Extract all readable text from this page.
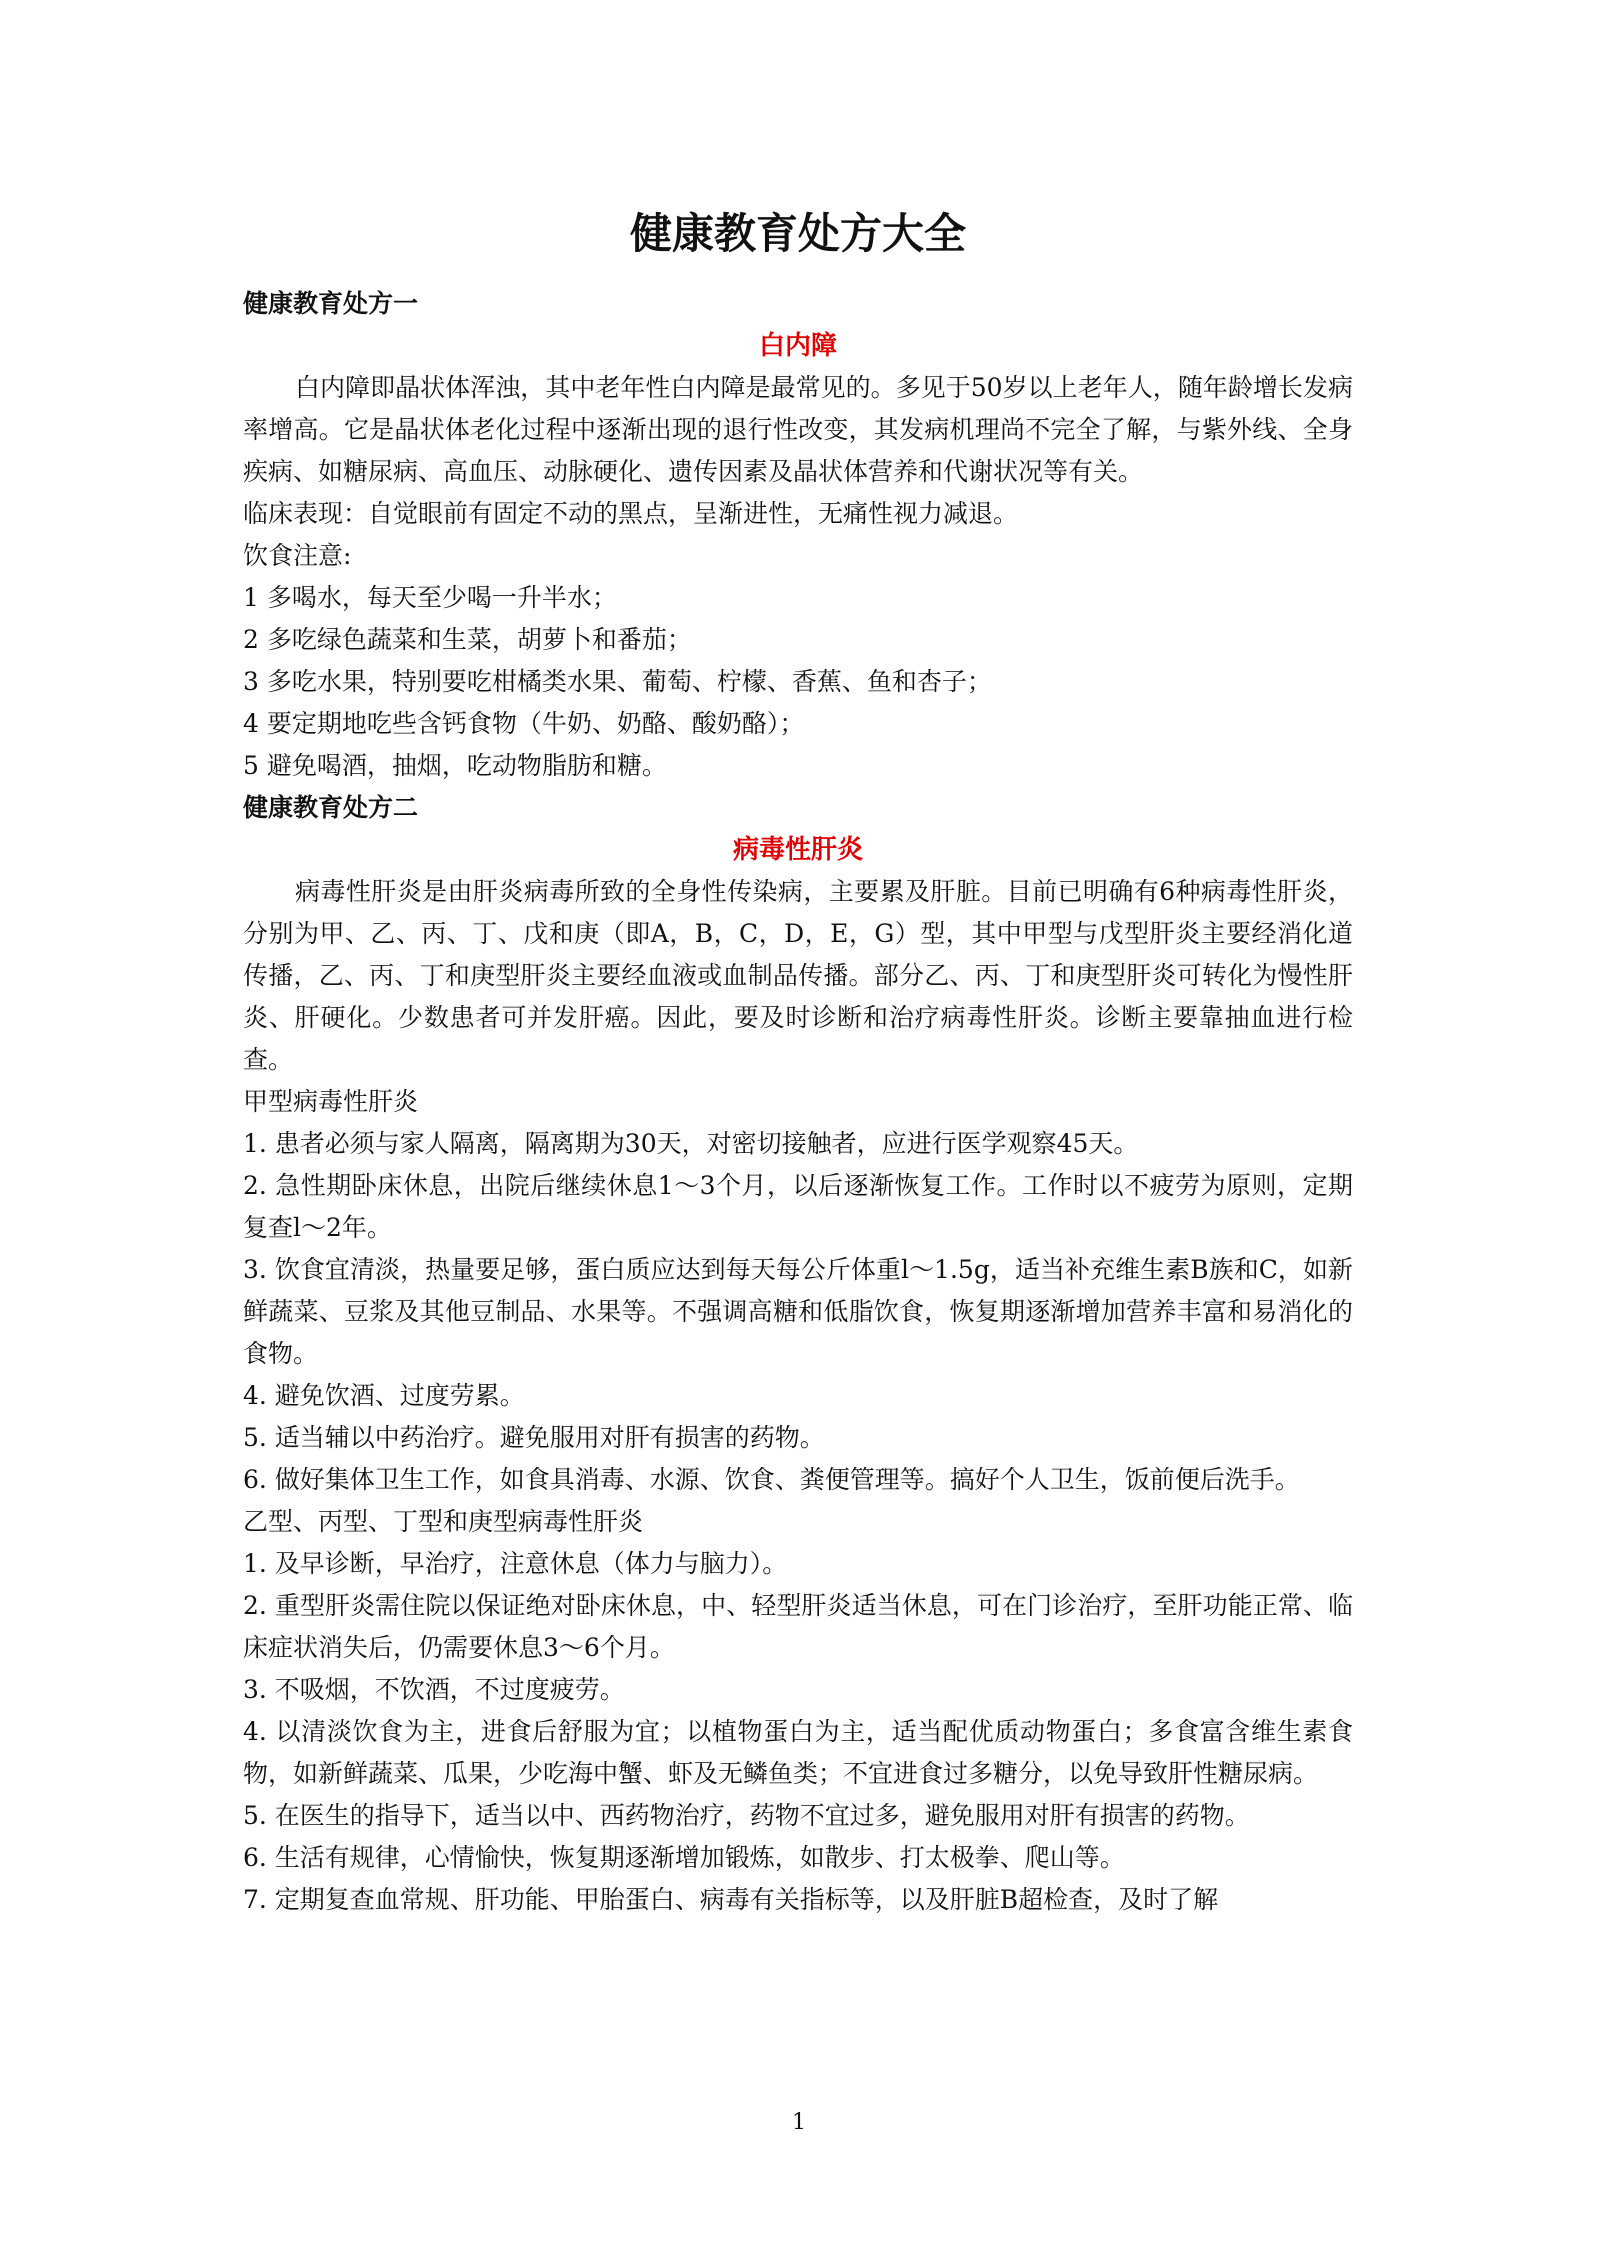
健康教育处方大全
健康教育处方一
白内障

白内障即晶状体浑浊，其中老年性白内障是最常见的。多见于50岁以上老年人，随年龄增长发病率增高。它是晶状体老化过程中逐渐出现的退行性改变，其发病机理尚不完全了解，与紫外线、全身疾病、如糖尿病、高血压、动脉硬化、遗传因素及晶状体营养和代谢状况等有关。

临床表现：自觉眼前有固定不动的黑点，呈渐进性，无痛性视力减退。

饮食注意:

1 多喝水，每天至少喝一升半水；

2 多吃绿色蔬菜和生菜，胡萝卜和番茄；

3 多吃水果，特别要吃柑橘类水果、葡萄、柠檬、香蕉、鱼和杏子；

4 要定期地吃些含钙食物（牛奶、奶酪、酸奶酪）；

5 避免喝酒，抽烟，吃动物脂肪和糖。

健康教育处方二
病毒性肝炎

病毒性肝炎是由肝炎病毒所致的全身性传染病，主要累及肝脏。目前已明确有6种病毒性肝炎，分别为甲、乙、丙、丁、戊和庚（即A，B，C，D，E，G）型，其中甲型与戊型肝炎主要经消化道传播，乙、丙、丁和庚型肝炎主要经血液或血制品传播。部分乙、丙、丁和庚型肝炎可转化为慢性肝炎、肝硬化。少数患者可并发肝癌。因此，要及时诊断和治疗病毒性肝炎。诊断主要靠抽血进行检查。

甲型病毒性肝炎

1. 患者必须与家人隔离，隔离期为30天，对密切接触者，应进行医学观察45天。

2. 急性期卧床休息，出院后继续休息1～3个月，以后逐渐恢复工作。工作时以不疲劳为原则，定期复查l～2年。

3. 饮食宜清淡，热量要足够，蛋白质应达到每天每公斤体重l～1.5g，适当补充维生素B族和C，如新鲜蔬菜、豆浆及其他豆制品、水果等。不强调高糖和低脂饮食，恢复期逐渐增加营养丰富和易消化的食物。

4. 避免饮酒、过度劳累。

5. 适当辅以中药治疗。避免服用对肝有损害的药物。

6. 做好集体卫生工作，如食具消毒、水源、饮食、粪便管理等。搞好个人卫生，饭前便后洗手。

乙型、丙型、丁型和庚型病毒性肝炎

1. 及早诊断，早治疗，注意休息（体力与脑力）。

2. 重型肝炎需住院以保证绝对卧床休息，中、轻型肝炎适当休息，可在门诊治疗，至肝功能正常、临床症状消失后，仍需要休息3～6个月。

3. 不吸烟，不饮酒，不过度疲劳。

4. 以清淡饮食为主，进食后舒服为宜；以植物蛋白为主，适当配优质动物蛋白；多食富含维生素食物，如新鲜蔬菜、瓜果，少吃海中蟹、虾及无鳞鱼类；不宜进食过多糖分，以免导致肝性糖尿病。

5. 在医生的指导下，适当以中、西药物治疗，药物不宜过多，避免服用对肝有损害的药物。

6. 生活有规律，心情愉快，恢复期逐渐增加锻炼，如散步、打太极拳、爬山等。

7. 定期复查血常规、肝功能、甲胎蛋白、病毒有关指标等，以及肝脏B超检查，及时了解

1
